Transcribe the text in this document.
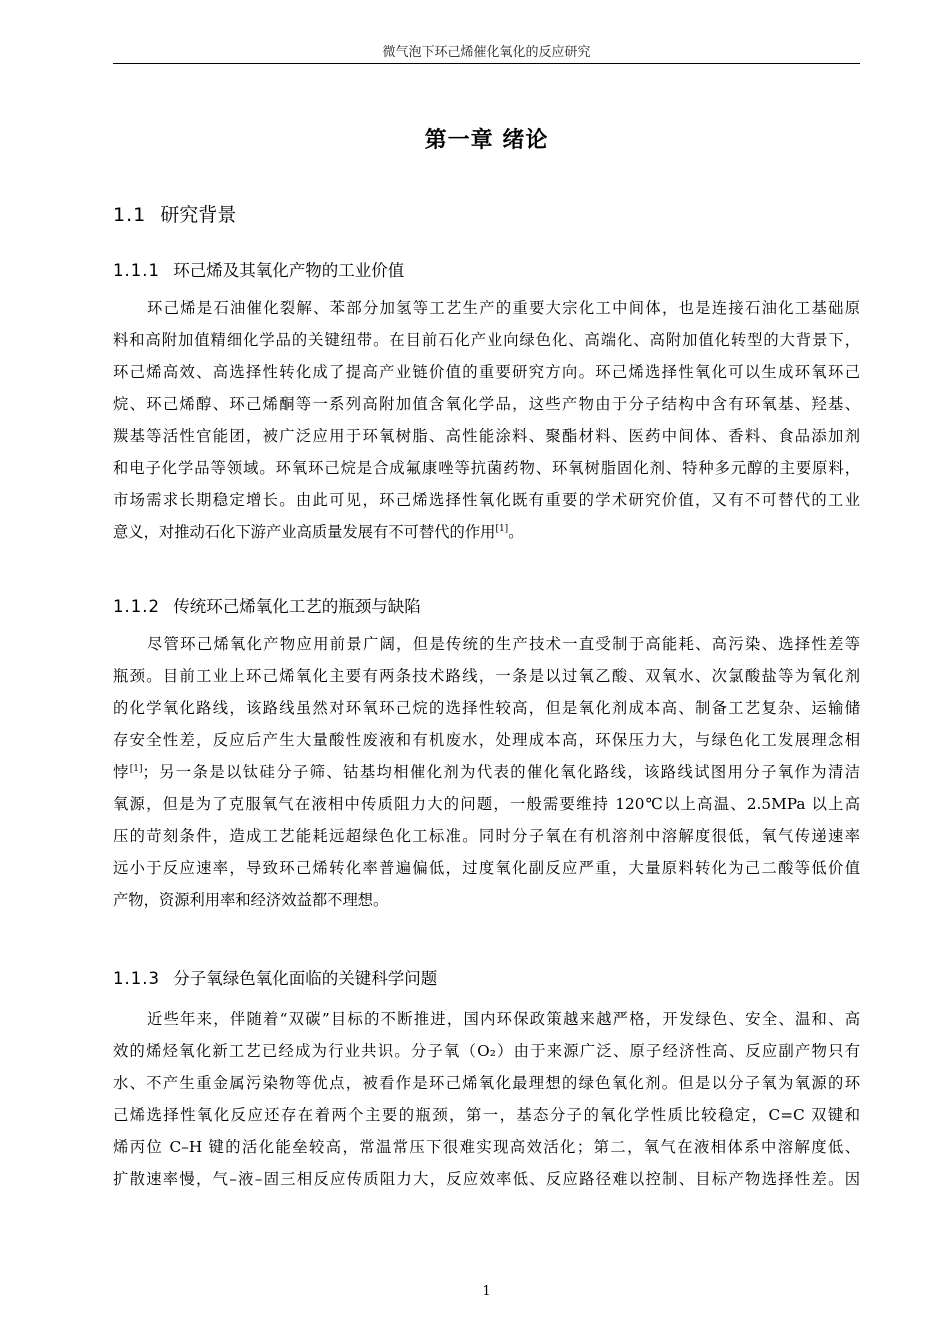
微气泡下环己烯催化氧化的反应研究
第一章 绪论
1.1 研究背景
1.1.1 环己烯及其氧化产物的工业价值
环己烯是石油催化裂解、苯部分加氢等工艺生产的重要大宗化工中间体，也是连接石油化工基础原
料和高附加值精细化学品的关键纽带。在目前石化产业向绿色化、高端化、高附加值化转型的大背景下，
环己烯高效、高选择性转化成了提高产业链价值的重要研究方向。环己烯选择性氧化可以生成环氧环己
烷、环己烯醇、环己烯酮等一系列高附加值含氧化学品，这些产物由于分子结构中含有环氧基、羟基、
羰基等活性官能团，被广泛应用于环氧树脂、高性能涂料、聚酯材料、医药中间体、香料、食品添加剂
和电子化学品等领域。环氧环己烷是合成氟康唑等抗菌药物、环氧树脂固化剂、特种多元醇的主要原料，
市场需求长期稳定增长。由此可见，环己烯选择性氧化既有重要的学术研究价值，又有不可替代的工业
意义，对推动石化下游产业高质量发展有不可替代的作用[1]。
1.1.2 传统环己烯氧化工艺的瓶颈与缺陷
尽管环己烯氧化产物应用前景广阔，但是传统的生产技术一直受制于高能耗、高污染、选择性差等
瓶颈。目前工业上环己烯氧化主要有两条技术路线，一条是以过氧乙酸、双氧水、次氯酸盐等为氧化剂
的化学氧化路线，该路线虽然对环氧环己烷的选择性较高，但是氧化剂成本高、制备工艺复杂、运输储
存安全性差，反应后产生大量酸性废液和有机废水，处理成本高，环保压力大，与绿色化工发展理念相
悖[1]；另一条是以钛硅分子筛、钴基均相催化剂为代表的催化氧化路线，该路线试图用分子氧作为清洁
氧源，但是为了克服氧气在液相中传质阻力大的问题，一般需要维持 120℃以上高温、2.5MPa 以上高
压的苛刻条件，造成工艺能耗远超绿色化工标准。同时分子氧在有机溶剂中溶解度很低，氧气传递速率
远小于反应速率，导致环己烯转化率普遍偏低，过度氧化副反应严重，大量原料转化为己二酸等低价值
产物，资源利用率和经济效益都不理想。
1.1.3 分子氧绿色氧化面临的关键科学问题
近些年来，伴随着“双碳”目标的不断推进，国内环保政策越来越严格，开发绿色、安全、温和、高
效的烯烃氧化新工艺已经成为行业共识。分子氧（O₂）由于来源广泛、原子经济性高、反应副产物只有
水、不产生重金属污染物等优点，被看作是环己烯氧化最理想的绿色氧化剂。但是以分子氧为氧源的环
己烯选择性氧化反应还存在着两个主要的瓶颈，第一，基态分子的氧化学性质比较稳定，C=C 双键和
烯丙位 C–H 键的活化能垒较高，常温常压下很难实现高效活化；第二，氧气在液相体系中溶解度低、
扩散速率慢，气–液–固三相反应传质阻力大，反应效率低、反应路径难以控制、目标产物选择性差。因
1
